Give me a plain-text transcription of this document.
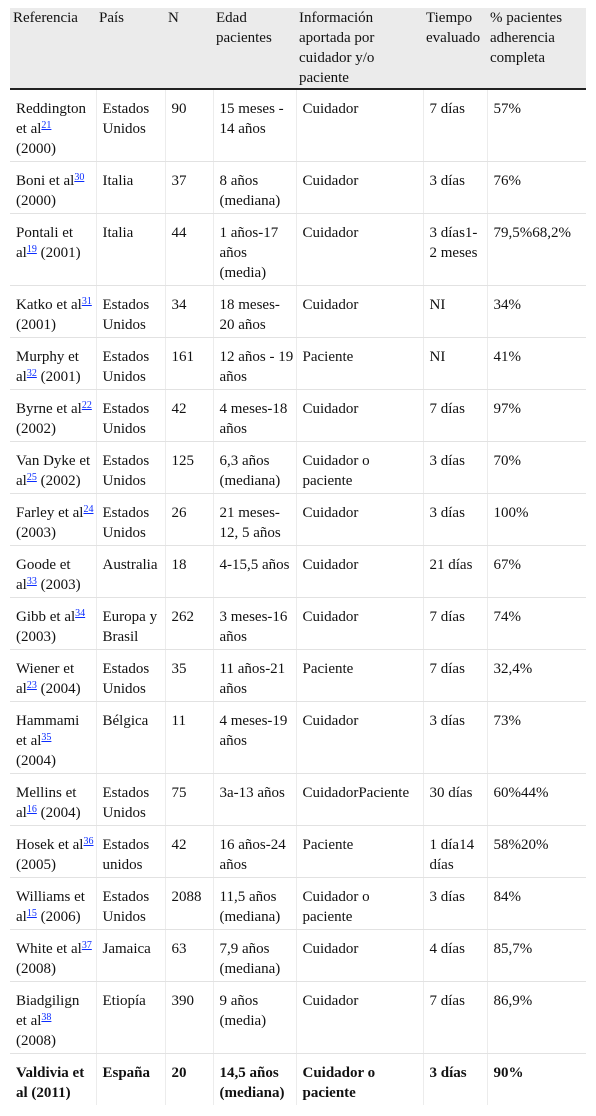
Referencia	País	N	Edad pacientes	Información aportada por cuidador y/o paciente	Tiempo evaluado	% pacientes adherencia completa
Reddington et al$^{21}$ (2000)	Estados Unidos	90	15 meses - 14 años	Cuidador	7 días	57%
Boni et al$^{30}$ (2000)	Italia	37	8 años (mediana)	Cuidador	3 días	76%
Pontali et al$^{19}$ (2001)	Italia	44	1 años-17 años (media)	Cuidador	3 días1-2 meses	79,5%68,2%
Katko et al$^{31}$ (2001)	Estados Unidos	34	18 meses-20 años	Cuidador	NI	34%
Murphy et al$^{32}$ (2001)	Estados Unidos	161	12 años - 19 años	Paciente	NI	41%
Byrne et al$^{22}$ (2002)	Estados Unidos	42	4 meses-18 años	Cuidador	7 días	97%
Van Dyke et al$^{25}$ (2002)	Estados Unidos	125	6,3 años (mediana)	Cuidador o paciente	3 días	70%
Farley et al$^{24}$ (2003)	Estados Unidos	26	21 meses-12, 5 años	Cuidador	3 días	100%
Goode et al$^{33}$ (2003)	Australia	18	4-15,5 años	Cuidador	21 días	67%
Gibb et al$^{34}$ (2003)	Europa y Brasil	262	3 meses-16 años	Cuidador	7 días	74%
Wiener et al$^{23}$ (2004)	Estados Unidos	35	11 años-21 años	Paciente	7 días	32,4%
Hammami et al$^{35}$ (2004)	Bélgica	11	4 meses-19 años	Cuidador	3 días	73%
Mellins et al$^{16}$ (2004)	Estados Unidos	75	3a-13 años	CuidadorPaciente	30 días	60%44%
Hosek et al$^{36}$ (2005)	Estados unidos	42	16 años-24 años	Paciente	1 día14 días	58%20%
Williams et al$^{15}$ (2006)	Estados Unidos	2088	11,5 años (mediana)	Cuidador o paciente	3 días	84%
White et al$^{37}$ (2008)	Jamaica	63	7,9 años (mediana)	Cuidador	4 días	85,7%
Biadgilign et al$^{38}$ (2008)	Etiopía	390	9 años (media)	Cuidador	7 días	86,9%
Valdivia et al (2011)	España	20	14,5 años (mediana)	Cuidador o paciente	3 días	90%
